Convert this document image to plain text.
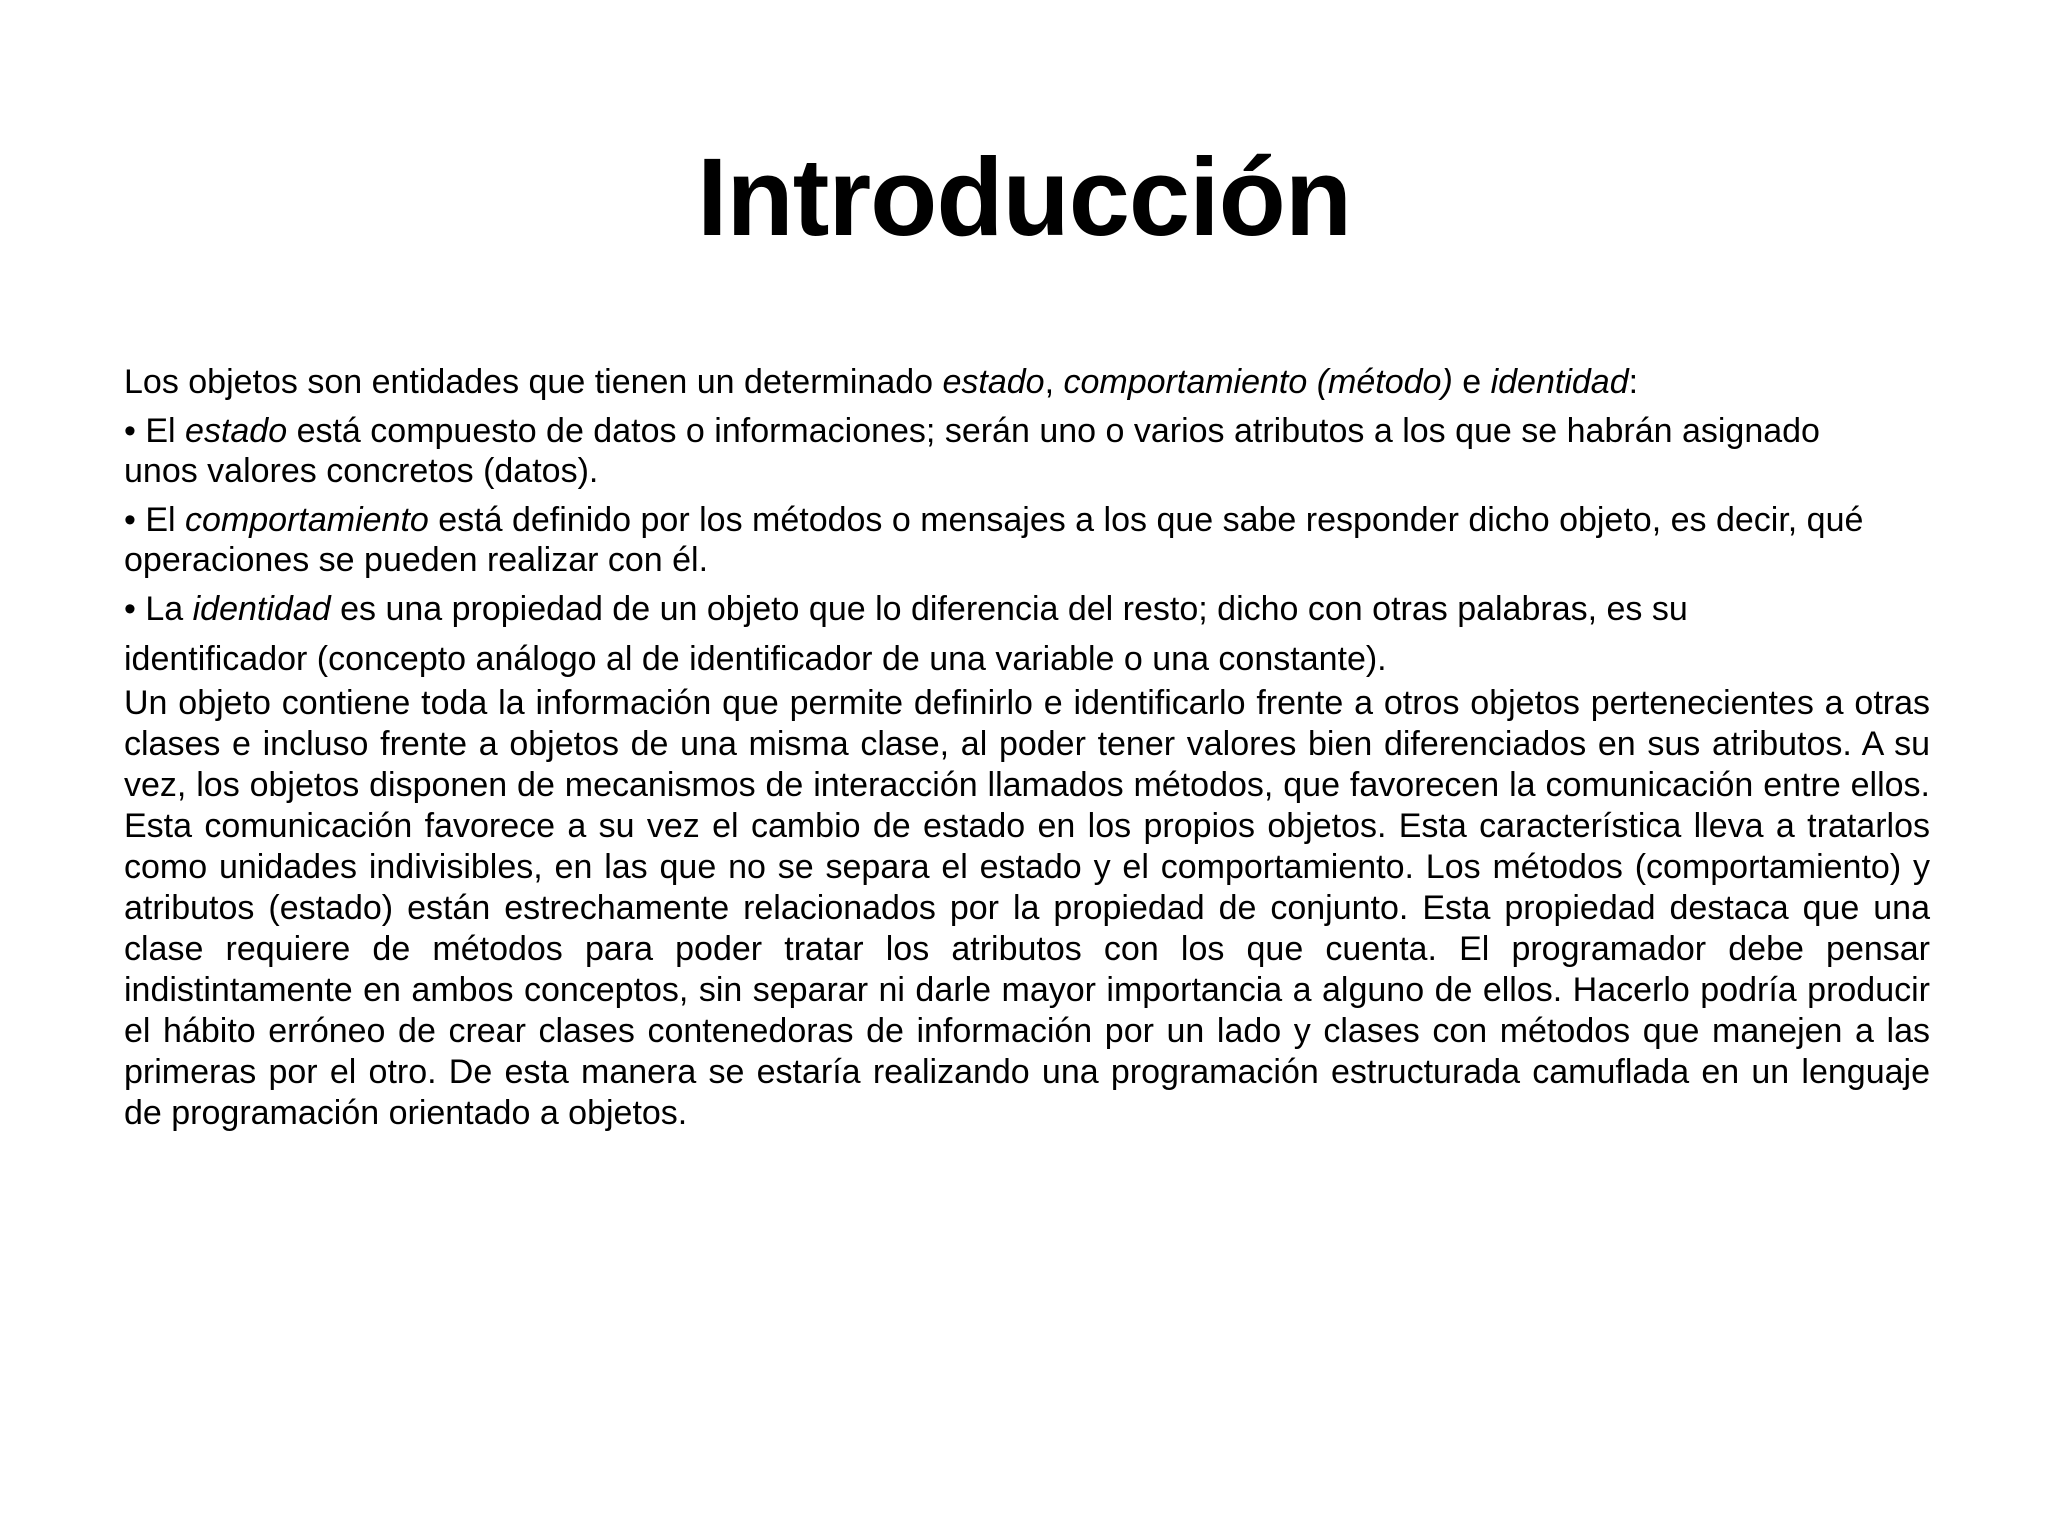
Introducción

Los objetos son entidades que tienen un determinado estado, comportamiento (método) e identidad:

• El estado está compuesto de datos o informaciones; serán uno o varios atributos a los que se habrán asignado

unos valores concretos (datos).

• El comportamiento está definido por los métodos o mensajes a los que sabe responder dicho objeto, es decir, qué

operaciones se pueden realizar con él.

• La identidad es una propiedad de un objeto que lo diferencia del resto; dicho con otras palabras, es su

identificador (concepto análogo al de identificador de una variable o una constante).

Un objeto contiene toda la información que permite definirlo e identificarlo frente a otros objetos pertenecientes a otras clases e incluso frente a objetos de una misma clase, al poder tener valores bien diferenciados en sus atributos. A su vez, los objetos disponen de mecanismos de interacción llamados métodos, que favorecen la comunicación entre ellos. Esta comunicación favorece a su vez el cambio de estado en los propios objetos. Esta característica lleva a tratarlos como unidades indivisibles, en las que no se separa el estado y el comportamiento. Los métodos (comportamiento) y atributos (estado) están estrechamente relacionados por la propiedad de conjunto. Esta propiedad destaca que una clase requiere de métodos para poder tratar los atributos con los que cuenta. El programador debe pensar indistintamente en ambos conceptos, sin separar ni darle mayor importancia a alguno de ellos. Hacerlo podría producir el hábito erróneo de crear clases contenedoras de información por un lado y clases con métodos que manejen a las primeras por el otro. De esta manera se estaría realizando una programación estructurada camuflada en un lenguaje de programación orientado a objetos.
